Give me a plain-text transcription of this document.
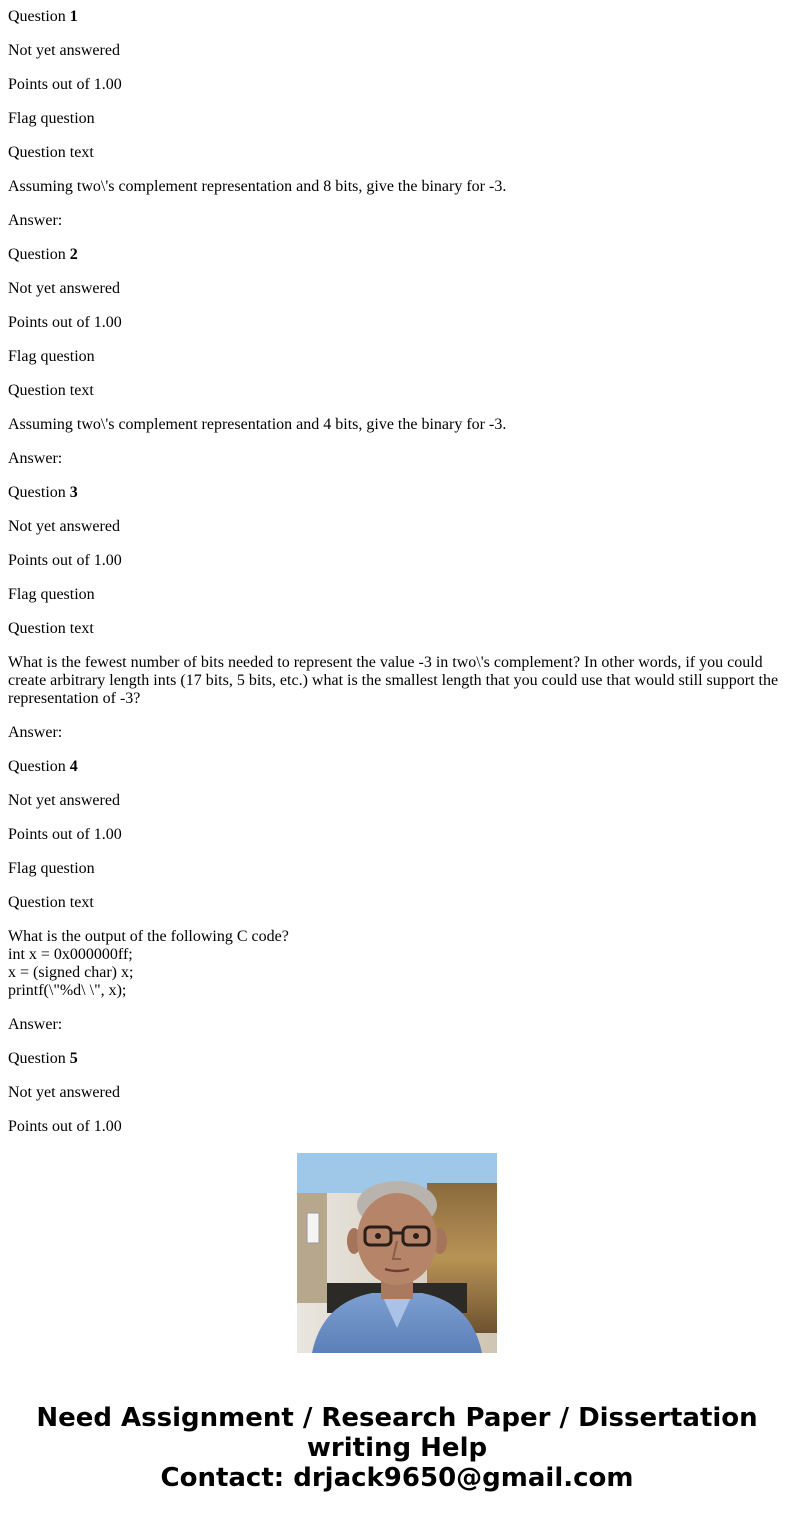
Question 1

Not yet answered

Points out of 1.00

Flag question

Question text

Assuming two\'s complement representation and 8 bits, give the binary for -3.

Answer:

Question 2

Not yet answered

Points out of 1.00

Flag question

Question text

Assuming two\'s complement representation and 4 bits, give the binary for -3.

Answer:

Question 3

Not yet answered

Points out of 1.00

Flag question

Question text

What is the fewest number of bits needed to represent the value -3 in two\'s complement? In other words, if you could create arbitrary length ints (17 bits, 5 bits, etc.) what is the smallest length that you could use that would still support the representation of -3?

Answer:

Question 4

Not yet answered

Points out of 1.00

Flag question

Question text

What is the output of the following C code?
int x = 0x000000ff;
x = (signed char) x;
printf(\"%d\ \", x);

Answer:

Question 5

Not yet answered

Points out of 1.00

Need Assignment / Research Paper / Dissertation
writing Help
Contact: drjack9650@gmail.com
